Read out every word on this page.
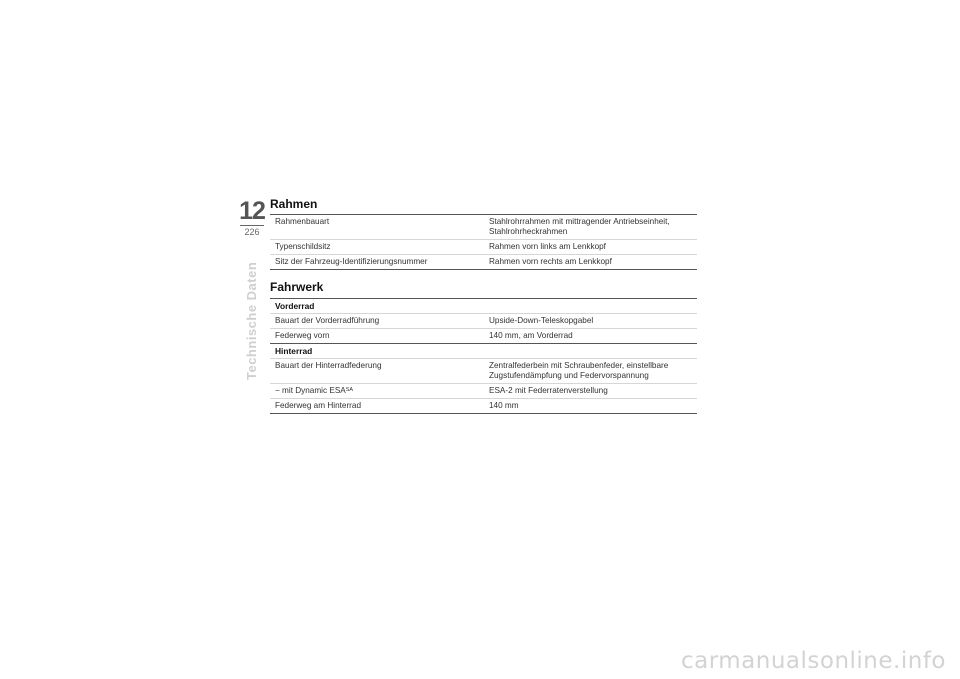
12
226
Technische Daten
Rahmen
Rahmenbauart	Stahlrohrrahmen mit mittragender Antriebseinheit,
Stahlrohrheckrahmen

Typenschildsitz	Rahmen vorn links am Lenkkopf
Sitz der Fahrzeug-Identifizierungsnummer	Rahmen vorn rechts am Lenkkopf
Fahrwerk
Vorderrad	
Bauart der Vorderradführung	Upside-Down-Teleskopgabel
Federweg vorn	140 mm, am Vorderrad
Hinterrad	
Bauart der Hinterradfederung	Zentralfederbein mit Schraubenfeder, einstellbare
Zugstufendämpfung und Federvorspannung

− mit Dynamic $ESA^{SA}$	ESA-2 mit Federratenverstellung
Federweg am Hinterrad	140 mm
carmanualsonline.info
